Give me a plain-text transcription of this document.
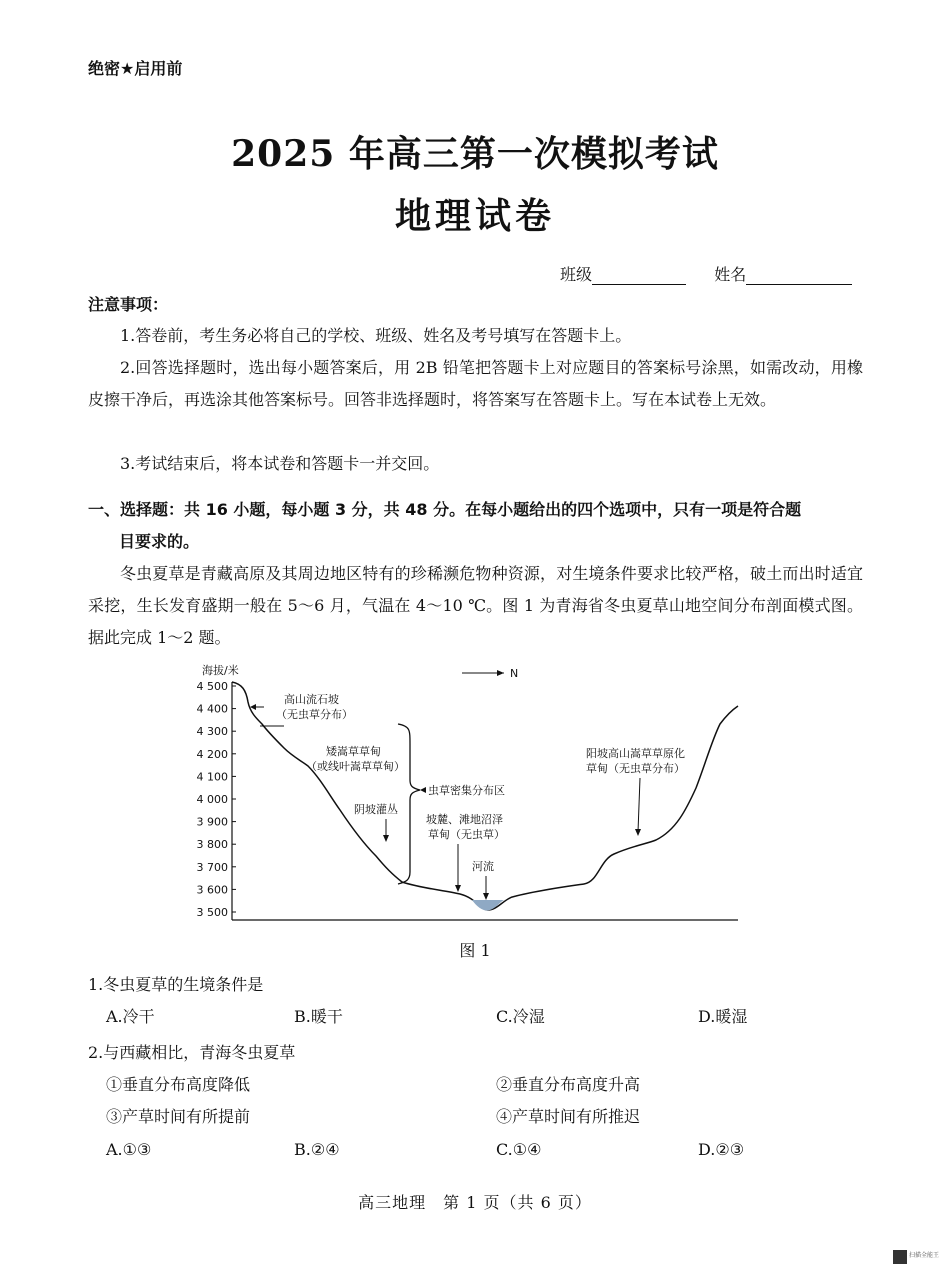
绝密★启用前
2025 年高三第一次模拟考试
地理试卷
班级	姓名
注意事项：
1.答卷前，考生务必将自己的学校、班级、姓名及考号填写在答题卡上。
2.回答选择题时，选出每小题答案后，用 2B 铅笔把答题卡上对应题目的答案标号涂黑，如需改动，用橡皮擦干净后，再选涂其他答案标号。回答非选择题时，将答案写在答题卡上。写在本试卷上无效。
3.考试结束后，将本试卷和答题卡一并交回。
一、选择题：共 16 小题，每小题 3 分，共 48 分。在每小题给出的四个选项中，只有一项是符合题
目要求的。
冬虫夏草是青藏高原及其周边地区特有的珍稀濒危物种资源，对生境条件要求比较严格，破土而出时适宜采挖，生长发育盛期一般在 5～6 月，气温在 4～10 ℃。图 1 为青海省冬虫夏草山地空间分布剖面模式图。据此完成 1～2 题。
海拔/米
4 500
4 400
4 300
4 200
4 100
4 000
3 900
3 800
3 700
3 600
3 500
N
高山流石坡
（无虫草分布）
矮嵩草草甸
（或线叶嵩草草甸）
虫草密集分布区
阴坡灌丛
坡麓、滩地沼泽
草甸（无虫草）
河流
阳坡高山嵩草草原化
草甸（无虫草分布）
图 1
1.冬虫夏草的生境条件是
A.冷干	B.暖干	C.冷湿	D.暖湿
2.与西藏相比，青海冬虫夏草
①垂直分布高度降低	②垂直分布高度升高
③产草时间有所提前	④产草时间有所推迟
A.①③	B.②④	C.①④	D.②③
高三地理　第 1 页（共 6 页）
扫描全能王
